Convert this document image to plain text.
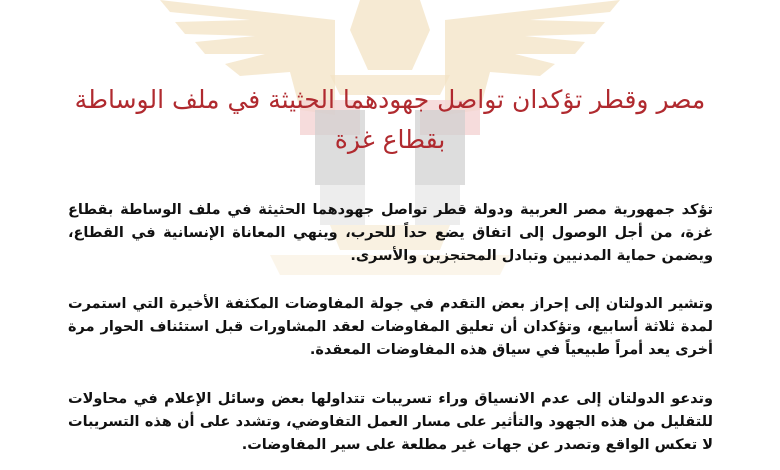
مصر وقطر تؤكدان تواصل جهودهما الحثيثة في ملف الوساطة بقطاع غزة

تؤكد جمهورية مصر العربية ودولة قطر تواصل جهودهما الحثيثة في ملف الوساطة بقطاع غزة، من أجل الوصول إلى اتفاق يضع حداً للحرب، وينهي المعاناة الإنسانية في القطاع، ويضمن حماية المدنيين وتبادل المحتجزين والأسرى.

وتشير الدولتان إلى إحراز بعض التقدم في جولة المفاوضات المكثفة الأخيرة التي استمرت لمدة ثلاثة أسابيع، وتؤكدان أن تعليق المفاوضات لعقد المشاورات قبل استئناف الحوار مرة أخرى يعد أمراً طبيعياً في سياق هذه المفاوضات المعقدة.

وتدعو الدولتان إلى عدم الانسياق وراء تسريبات تتداولها بعض وسائل الإعلام في محاولات للتقليل من هذه الجهود والتأثير على مسار العمل التفاوضي، وتشدد على أن هذه التسريبات لا تعكس الواقع وتصدر عن جهات غير مطلعة على سير المفاوضات.
